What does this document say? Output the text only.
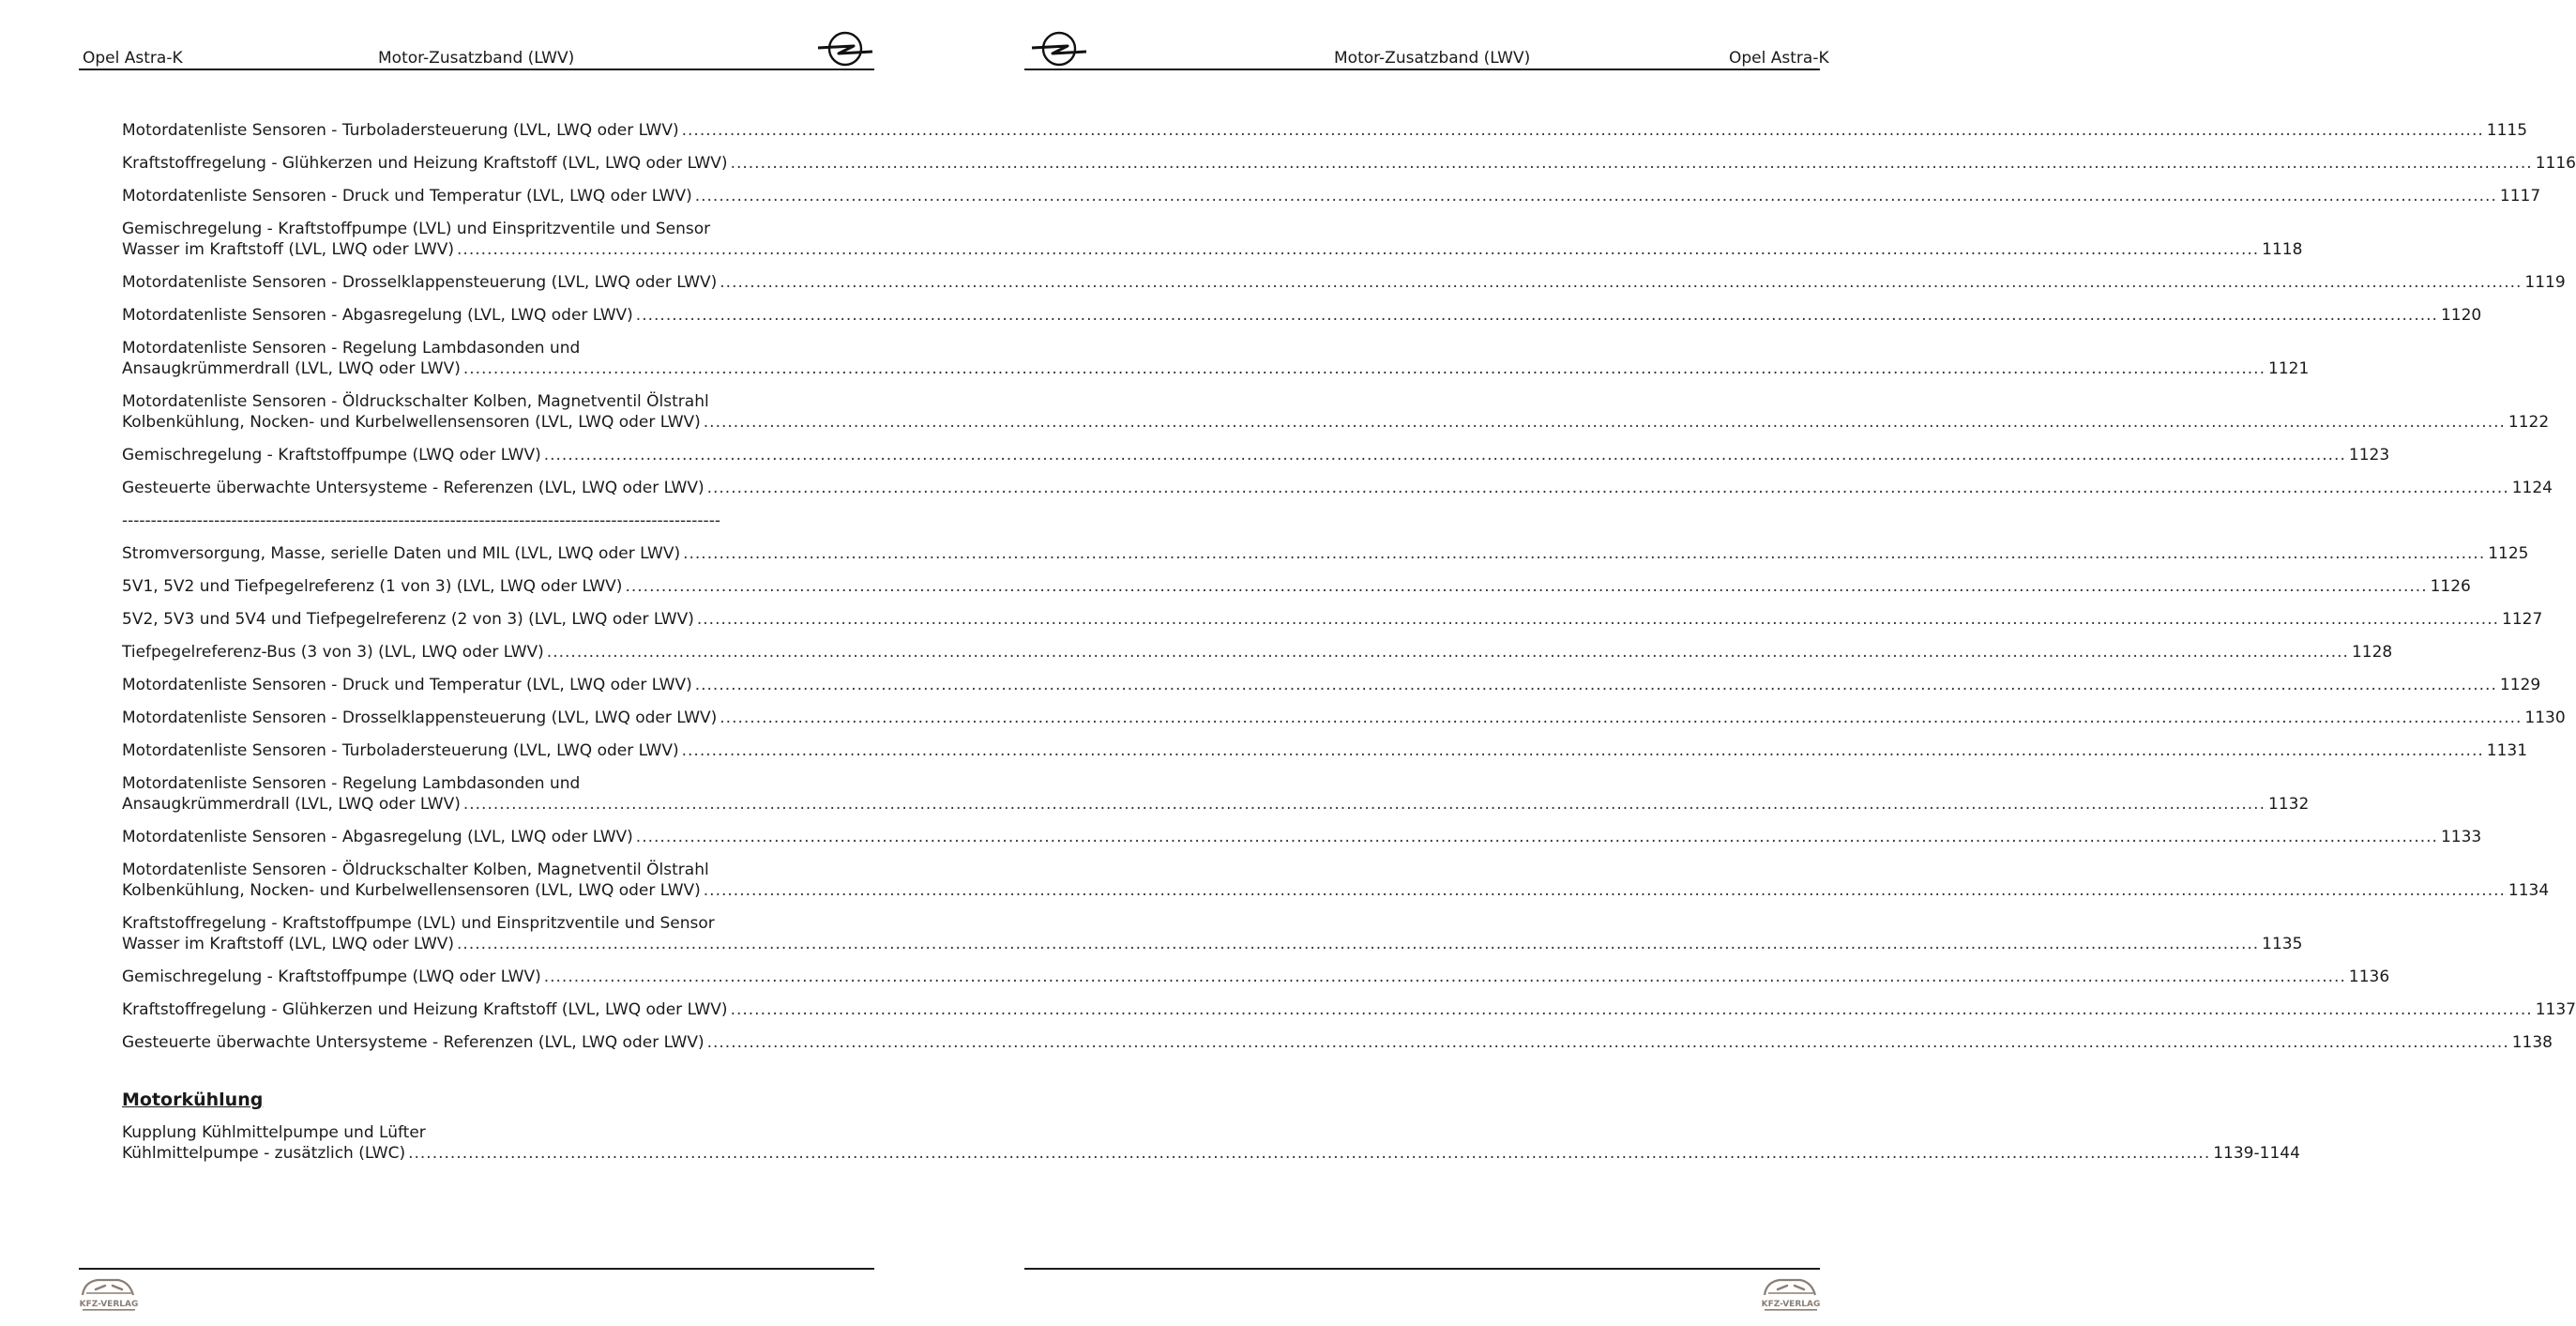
Opel Astra-K	Motor-Zusatzband (LWV)
Motordatenliste Sensoren - Turboladersteuerung (LVL, LWQ oder LWV) ............................................................................................................................................................................................................................................................................................................ 1115
Kraftstoffregelung - Glühkerzen und Heizung Kraftstoff (LVL, LWQ oder LWV) ............................................................................................................................................................................................................................................................................................................ 1116
Motordatenliste Sensoren - Druck und Temperatur (LVL, LWQ oder LWV) ............................................................................................................................................................................................................................................................................................................ 1117
Gemischregelung - Kraftstoffpumpe (LVL) und Einspritzventile und Sensor
Wasser im Kraftstoff (LVL, LWQ oder LWV) ............................................................................................................................................................................................................................................................................................................ 1118
Motordatenliste Sensoren - Drosselklappensteuerung (LVL, LWQ oder LWV) ............................................................................................................................................................................................................................................................................................................ 1119
Motordatenliste Sensoren - Abgasregelung (LVL, LWQ oder LWV) ............................................................................................................................................................................................................................................................................................................ 1120
Motordatenliste Sensoren - Regelung Lambdasonden und
Ansaugkrümmerdrall (LVL, LWQ oder LWV) ............................................................................................................................................................................................................................................................................................................ 1121
Motordatenliste Sensoren - Öldruckschalter Kolben, Magnetventil Ölstrahl
Kolbenkühlung, Nocken- und Kurbelwellensensoren (LVL, LWQ oder LWV) ............................................................................................................................................................................................................................................................................................................ 1122
Gemischregelung - Kraftstoffpumpe (LWQ oder LWV) ............................................................................................................................................................................................................................................................................................................ 1123
Gesteuerte überwachte Untersysteme - Referenzen (LVL, LWQ oder LWV) ............................................................................................................................................................................................................................................................................................................ 1124
--------------------------------------------------------------------------------------------------------
Stromversorgung, Masse, serielle Daten und MIL (LVL, LWQ oder LWV) ............................................................................................................................................................................................................................................................................................................ 1125
5V1, 5V2 und Tiefpegelreferenz (1 von 3) (LVL, LWQ oder LWV) ............................................................................................................................................................................................................................................................................................................ 1126
5V2, 5V3 und 5V4 und Tiefpegelreferenz (2 von 3) (LVL, LWQ oder LWV) ............................................................................................................................................................................................................................................................................................................ 1127
Tiefpegelreferenz-Bus (3 von 3) (LVL, LWQ oder LWV) ............................................................................................................................................................................................................................................................................................................ 1128
Motordatenliste Sensoren - Druck und Temperatur (LVL, LWQ oder LWV) ............................................................................................................................................................................................................................................................................................................ 1129
Motordatenliste Sensoren - Drosselklappensteuerung (LVL, LWQ oder LWV) ............................................................................................................................................................................................................................................................................................................ 1130
Motordatenliste Sensoren - Turboladersteuerung (LVL, LWQ oder LWV) ............................................................................................................................................................................................................................................................................................................ 1131
Motordatenliste Sensoren - Regelung Lambdasonden und
Ansaugkrümmerdrall (LVL, LWQ oder LWV) ............................................................................................................................................................................................................................................................................................................ 1132
Motordatenliste Sensoren - Abgasregelung (LVL, LWQ oder LWV) ............................................................................................................................................................................................................................................................................................................ 1133
Motordatenliste Sensoren - Öldruckschalter Kolben, Magnetventil Ölstrahl
Kolbenkühlung, Nocken- und Kurbelwellensensoren (LVL, LWQ oder LWV) ............................................................................................................................................................................................................................................................................................................ 1134
Kraftstoffregelung - Kraftstoffpumpe (LVL) und Einspritzventile und Sensor
Wasser im Kraftstoff (LVL, LWQ oder LWV) ............................................................................................................................................................................................................................................................................................................ 1135
Gemischregelung - Kraftstoffpumpe (LWQ oder LWV) ............................................................................................................................................................................................................................................................................................................ 1136
Kraftstoffregelung - Glühkerzen und Heizung Kraftstoff (LVL, LWQ oder LWV) ............................................................................................................................................................................................................................................................................................................ 1137
Gesteuerte überwachte Untersysteme - Referenzen (LVL, LWQ oder LWV) ............................................................................................................................................................................................................................................................................................................ 1138
Motorkühlung
Kupplung Kühlmittelpumpe und Lüfter
Kühlmittelpumpe - zusätzlich (LWC) ............................................................................................................................................................................................................................................................................................................ 1139-1144
KFZ-VERLAG
Motor-Zusatzband (LWV)	Opel Astra-K
KFZ-VERLAG
